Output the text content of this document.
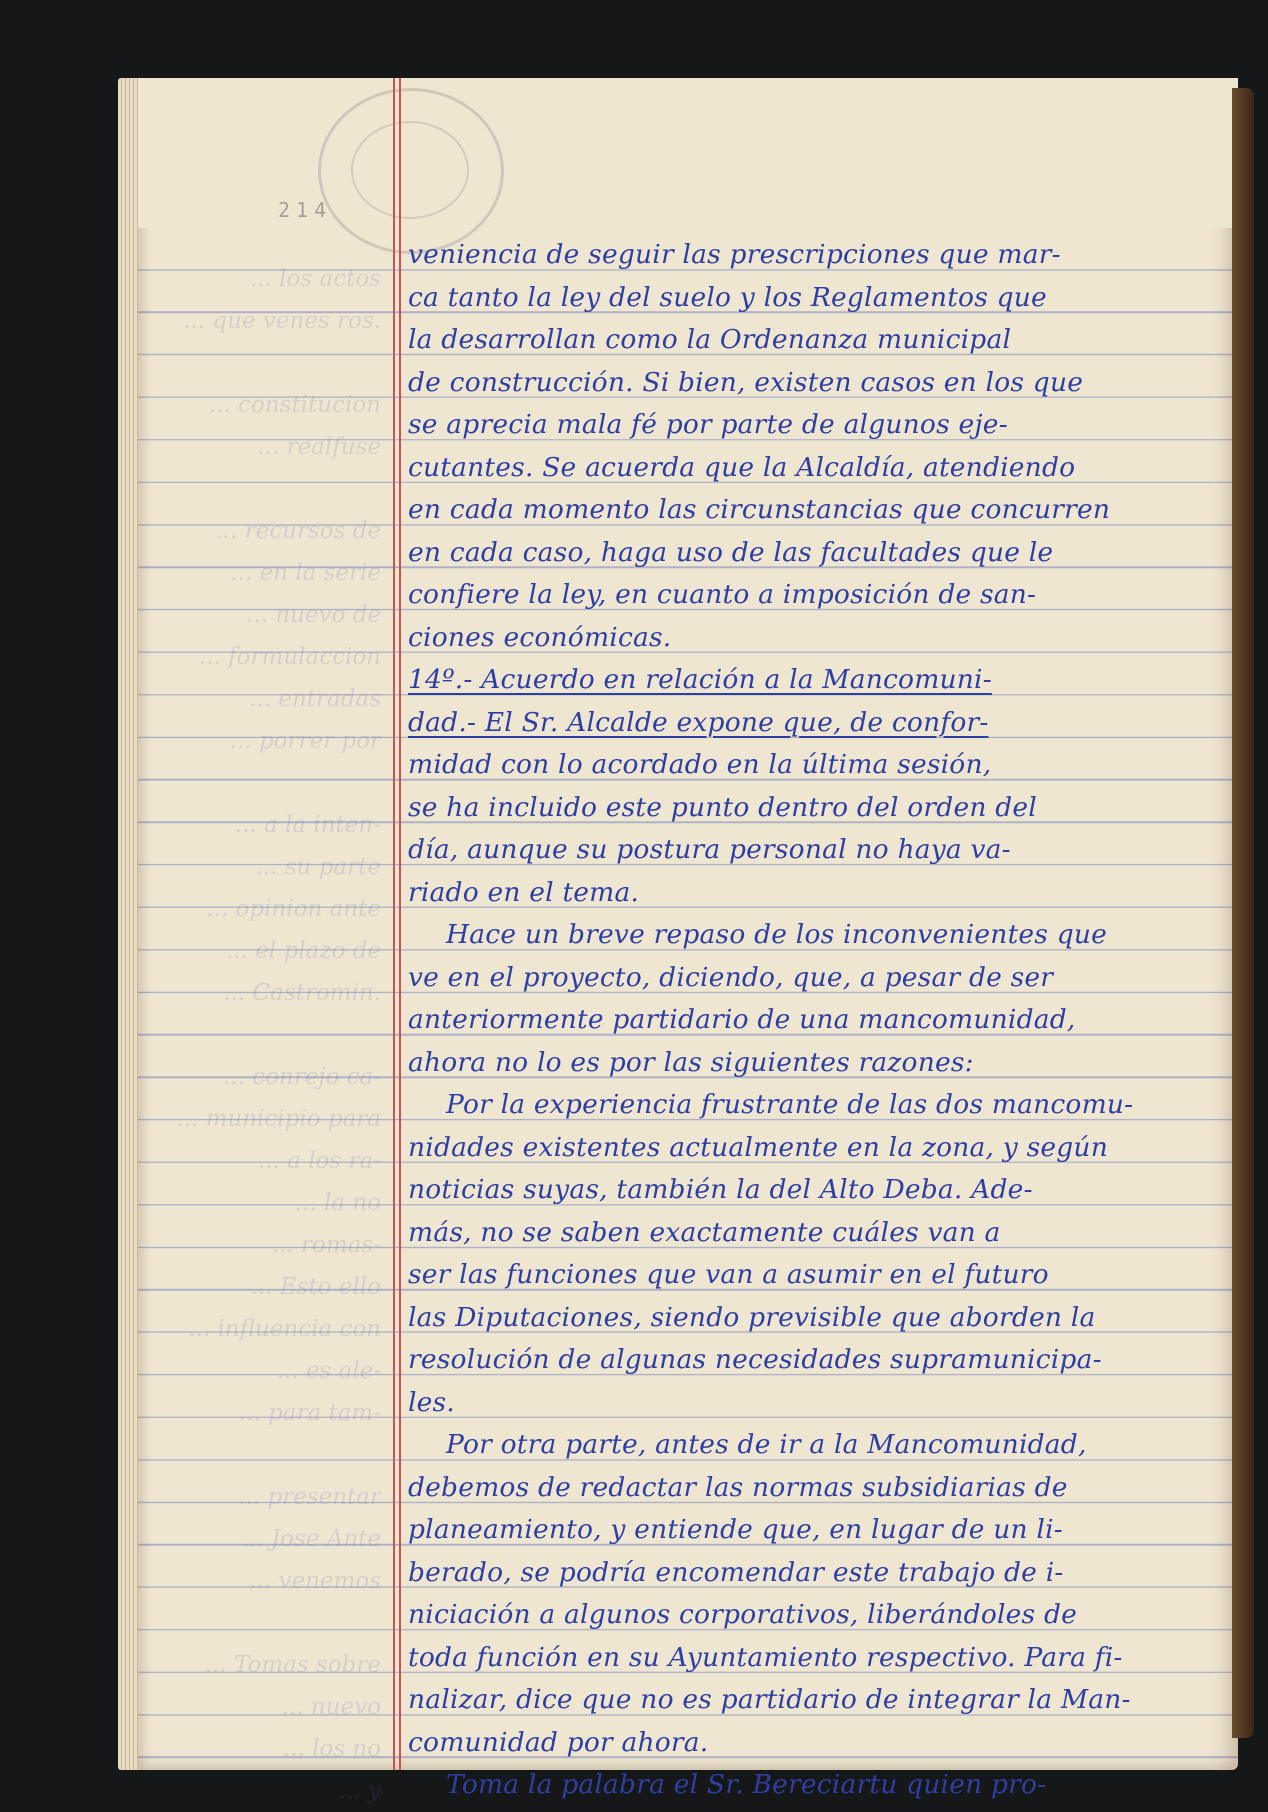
214
... los actos
... que venes ros.

... constitucion
... realfuse

... recursos de
... en la serie
... nuevo de
... formulaccion
... entradas
... porrer por

... a la inten-
... su parte
... opinion ante
... el plazo de
... Castromin.

... conrejo ca-
... municipio para
... a los ra-
... la no
... romas-
... Esto ello
... influencia con
... es ale-
... para tam-

... presentar
... Jose Ante
... venemos

... Tomas sobre
... nuevo
... los no
... y
veniencia de seguir las prescripciones que mar-
ca tanto la ley del suelo y los Reglamentos que
la desarrollan como la Ordenanza municipal
de construcción. Si bien, existen casos en los que
se aprecia mala fé por parte de algunos eje-
cutantes. Se acuerda que la Alcaldía, atendiendo
en cada momento las circunstancias que concurren
en cada caso, haga uso de las facultades que le
confiere la ley, en cuanto a imposición de san-
ciones económicas.
14º.- Acuerdo en relación a la Mancomuni-
dad.- El Sr. Alcalde expone que, de confor-
midad con lo acordado en la última sesión,
se ha incluido este punto dentro del orden del
día, aunque su postura personal no haya va-
riado en el tema.
Hace un breve repaso de los inconvenientes que
ve en el proyecto, diciendo, que, a pesar de ser
anteriormente partidario de una mancomunidad,
ahora no lo es por las siguientes razones:
Por la experiencia frustrante de las dos mancomu-
nidades existentes actualmente en la zona, y según
noticias suyas, también la del Alto Deba. Ade-
más, no se saben exactamente cuáles van a
ser las funciones que van a asumir en el futuro
las Diputaciones, siendo previsible que aborden la
resolución de algunas necesidades supramunicipa-
les.
Por otra parte, antes de ir a la Mancomunidad,
debemos de redactar las normas subsidiarias de
planeamiento, y entiende que, en lugar de un li-
berado, se podría encomendar este trabajo de i-
niciación a algunos corporativos, liberándoles de
toda función en su Ayuntamiento respectivo. Para fi-
nalizar, dice que no es partidario de integrar la Man-
comunidad por ahora.
Toma la palabra el Sr. Bereciartu quien pro-
